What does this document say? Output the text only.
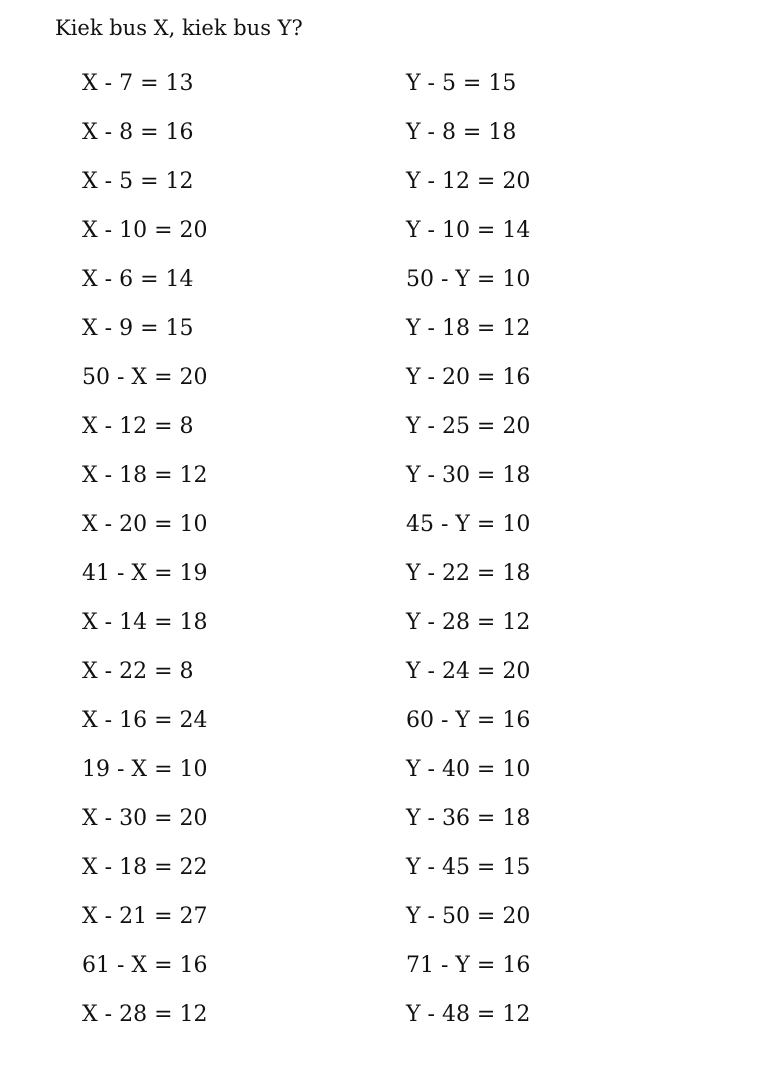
Kiek bus X, kiek bus Y?
X - 7 = 13
X - 8 = 16
X - 5 = 12
X - 10 = 20
X - 6 = 14
X - 9 = 15
50 - X = 20
X - 12 = 8
X - 18 = 12
X - 20 = 10
41 - X = 19
X - 14 = 18
X - 22 = 8
X - 16 = 24
19 - X = 10
X - 30 = 20
X - 18 = 22
X - 21 = 27
61 - X = 16
X - 28 = 12
Y - 5 = 15
Y - 8 = 18
Y - 12 = 20
Y - 10 = 14
50 - Y = 10
Y - 18 = 12
Y - 20 = 16
Y - 25 = 20
Y - 30 = 18
45 - Y = 10
Y - 22 = 18
Y - 28 = 12
Y - 24 = 20
60 - Y = 16
Y - 40 = 10
Y - 36 = 18
Y - 45 = 15
Y - 50 = 20
71 - Y = 16
Y - 48 = 12
